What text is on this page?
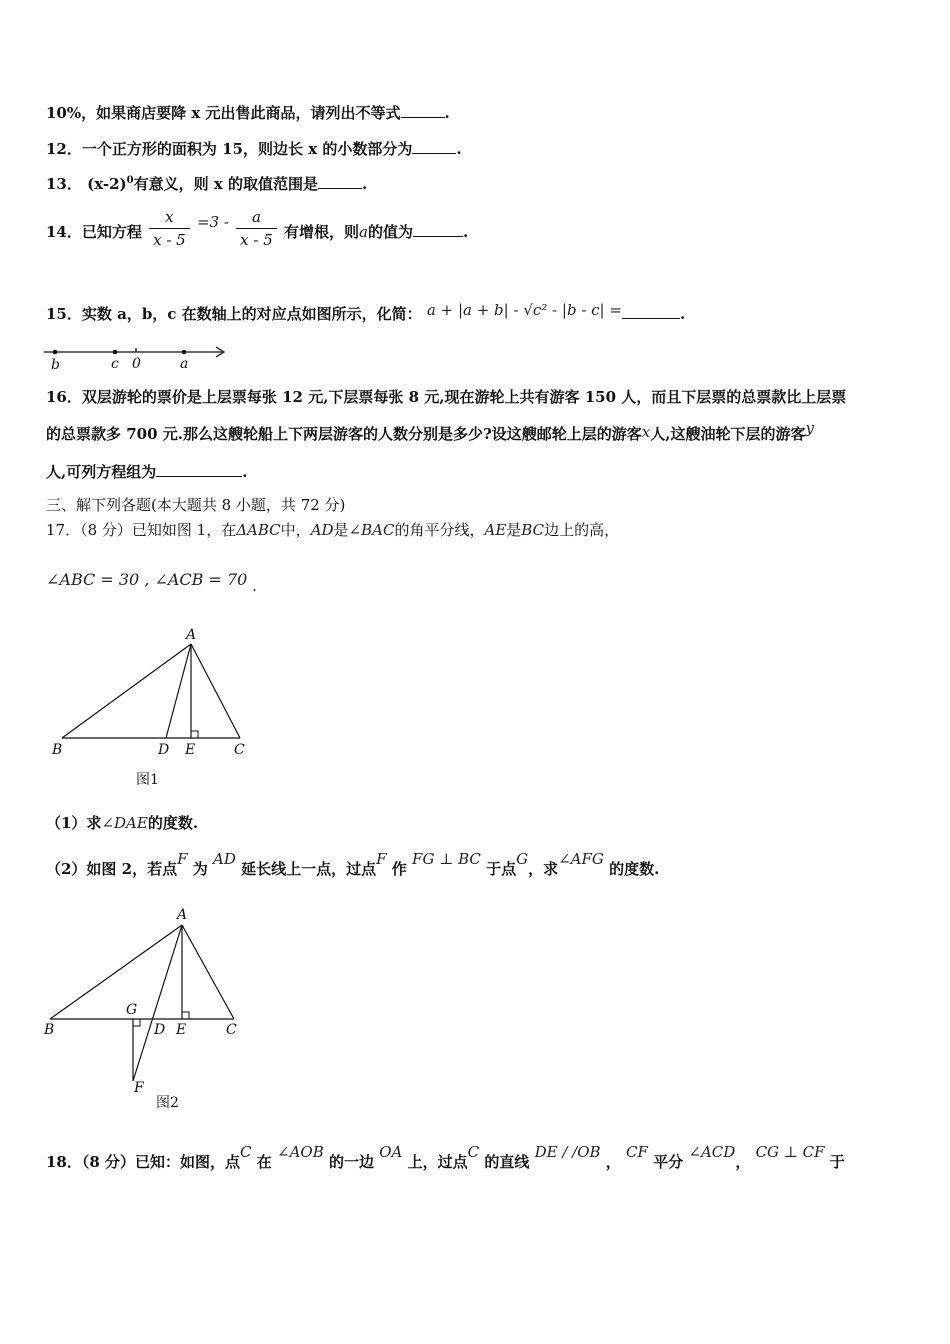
10%，如果商店要降 x 元出售此商品，请列出不等式	.
12．一个正方形的面积为 15，则边长 x 的小数部分为	.
13． $(x-2)^0$有意义，则 x 的取值范围是	.
14．已知方程 $\frac{x}{x - 5} =3 - \frac{a}{x - 5}$ 有增根，则a的值为	.
15．实数 a，b，c 在数轴上的对应点如图所示，化简： a + |a + b| - √c² - |b - c| =	.
b	c 0	a
16．双层游轮的票价是上层票每张 12 元,下层票每张 8 元,现在游轮上共有游客 150 人，而且下层票的总票款比上层票
的总票款多 700 元.那么这艘轮船上下两层游客的人数分别是多少?设这艘邮轮上层的游客x人,这艘油轮下层的游客y
人,可列方程组为	.
三、解下列各题(本大题共 8 小题，共 72 分)
17．（8 分）已知如图 1，在ΔABC中，AD是∠BAC的角平分线，AE是BC边上的高，
∠ABC = 30 , ∠ACB = 70 .
A
B	D E	C
图1
（1）求∠DAE的度数.
（2）如图 2，若点F 为 AD 延长线上一点，过点F 作 FG ⊥ BC 于点G，求∠AFG 的度数.
A
G
B	D E	C
F
图2
18．（8 分）已知：如图，点C 在 ∠AOB 的一边 OA 上，过点C 的直线 DE / /OB ， CF 平分 ∠ACD， CG ⊥ CF 于
